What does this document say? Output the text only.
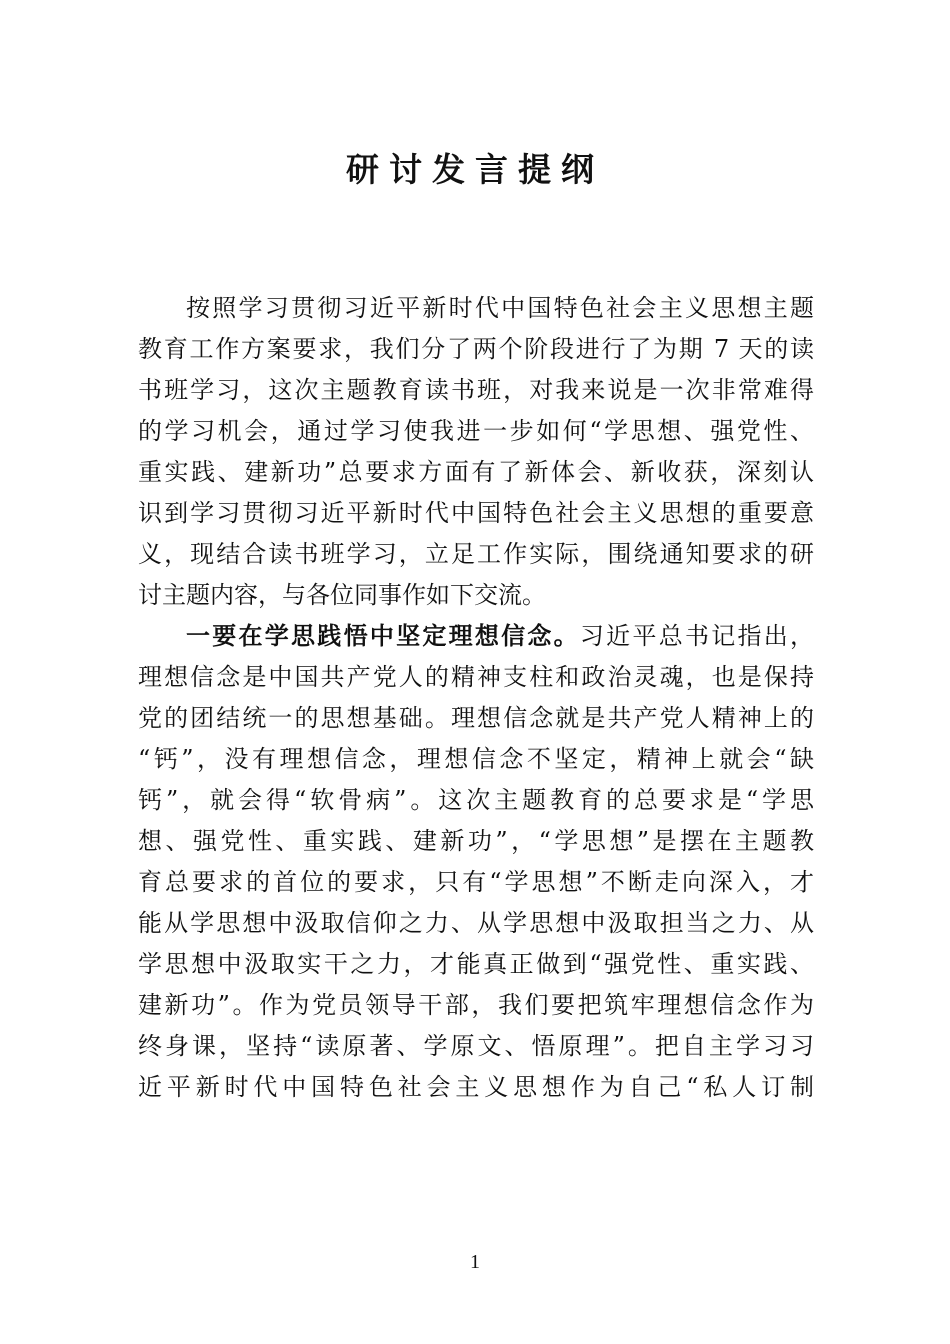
研讨发言提纲
按照学习贯彻习近平新时代中国特色社会主义思想主题
教育工作方案要求，我们分了两个阶段进行了为期 7 天的读
书班学习，这次主题教育读书班，对我来说是一次非常难得
的学习机会，通过学习使我进一步如何“学思想、强党性、
重实践、建新功”总要求方面有了新体会、新收获，深刻认
识到学习贯彻习近平新时代中国特色社会主义思想的重要意
义，现结合读书班学习，立足工作实际，围绕通知要求的研
讨主题内容，与各位同事作如下交流。
一要在学思践悟中坚定理想信念。习近平总书记指出，
理想信念是中国共产党人的精神支柱和政治灵魂，也是保持
党的团结统一的思想基础。理想信念就是共产党人精神上的
“钙”，没有理想信念，理想信念不坚定，精神上就会“缺
钙”，就会得“软骨病”。这次主题教育的总要求是“学思
想、强党性、重实践、建新功”，“学思想”是摆在主题教
育总要求的首位的要求，只有“学思想”不断走向深入，才
能从学思想中汲取信仰之力、从学思想中汲取担当之力、从
学思想中汲取实干之力，才能真正做到“强党性、重实践、
建新功”。作为党员领导干部，我们要把筑牢理想信念作为
终身课，坚持“读原著、学原文、悟原理”。把自主学习习
近平新时代中国特色社会主义思想作为自己“私人订制
1
